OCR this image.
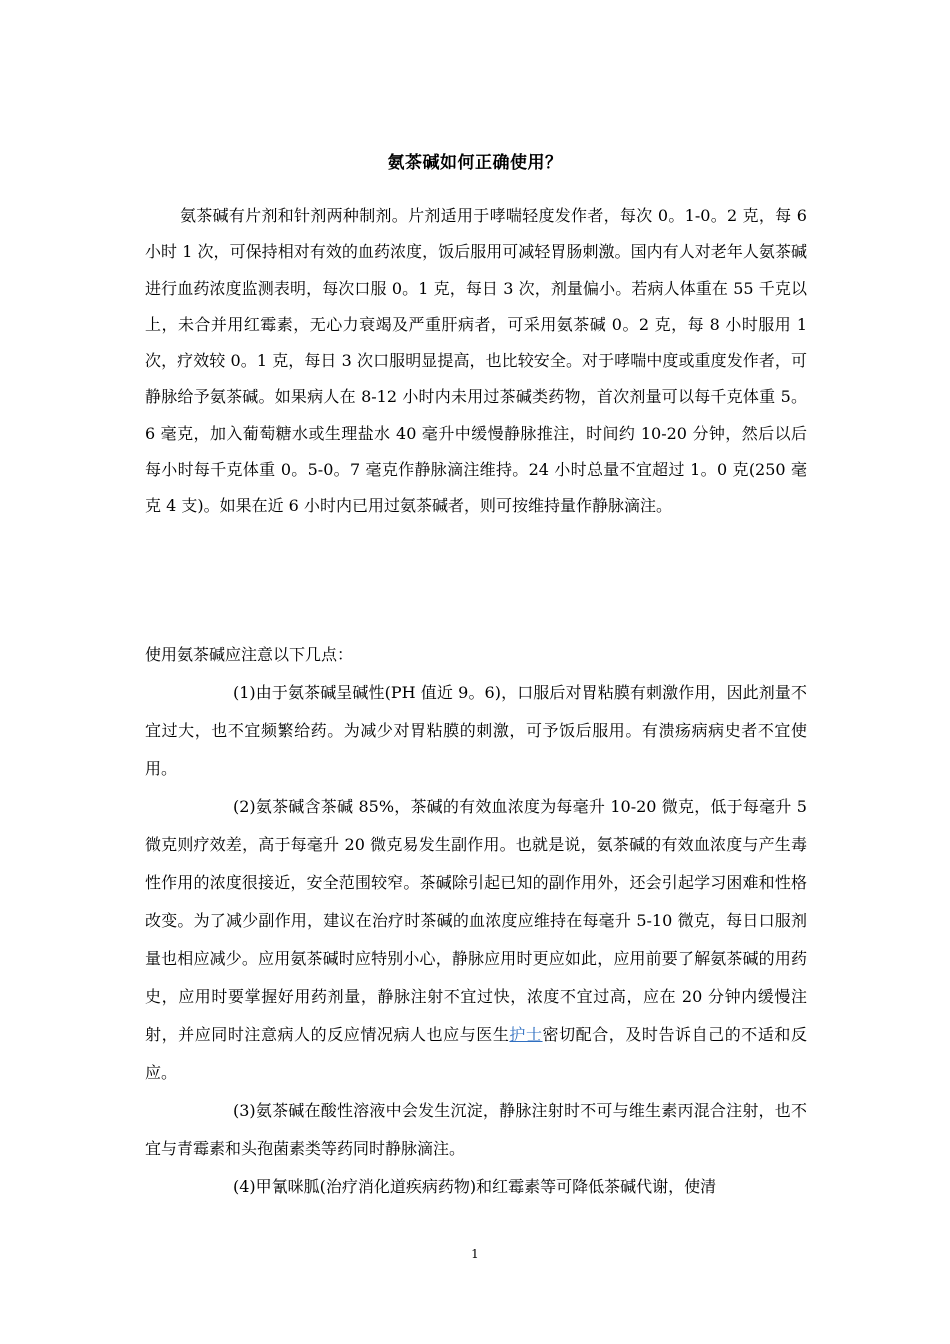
氨茶碱如何正确使用？

氨茶碱有片剂和针剂两种制剂。片剂适用于哮喘轻度发作者，每次 0。1-0。2 克，每 6 小时 1 次，可保持相对有效的血药浓度，饭后服用可减轻胃肠刺激。国内有人对老年人氨茶碱进行血药浓度监测表明，每次口服 0。1 克，每日 3 次，剂量偏小。若病人体重在 55 千克以上，未合并用红霉素，无心力衰竭及严重肝病者，可采用氨茶碱 0。2 克，每 8 小时服用 1 次，疗效较 0。1 克，每日 3 次口服明显提高，也比较安全。对于哮喘中度或重度发作者，可静脉给予氨茶碱。如果病人在 8-12 小时内未用过茶碱类药物，首次剂量可以每千克体重 5。6 毫克，加入葡萄糖水或生理盐水 40 毫升中缓慢静脉推注，时间约 10-20 分钟，然后以后每小时每千克体重 0。5-0。7 毫克作静脉滴注维持。24 小时总量不宜超过 1。0 克(250 毫克 4 支)。如果在近 6 小时内已用过氨茶碱者，则可按维持量作静脉滴注。

使用氨茶碱应注意以下几点：

(1)由于氨茶碱呈碱性(PH 值近 9。6)，口服后对胃粘膜有刺激作用，因此剂量不宜过大，也不宜频繁给药。为减少对胃粘膜的刺激，可予饭后服用。有溃疡病病史者不宜使用。

(2)氨茶碱含茶碱 85%，茶碱的有效血浓度为每毫升 10-20 微克，低于每毫升 5 微克则疗效差，高于每毫升 20 微克易发生副作用。也就是说，氨茶碱的有效血浓度与产生毒性作用的浓度很接近，安全范围较窄。茶碱除引起已知的副作用外，还会引起学习困难和性格改变。为了减少副作用，建议在治疗时茶碱的血浓度应维持在每毫升 5-10 微克，每日口服剂量也相应减少。应用氨茶碱时应特别小心，静脉应用时更应如此，应用前要了解氨茶碱的用药史，应用时要掌握好用药剂量，静脉注射不宜过快，浓度不宜过高，应在 20 分钟内缓慢注射，并应同时注意病人的反应情况病人也应与医生护士密切配合，及时告诉自己的不适和反应。

(3)氨茶碱在酸性溶液中会发生沉淀，静脉注射时不可与维生素丙混合注射，也不宜与青霉素和头孢菌素类等药同时静脉滴注。

(4)甲氰咪胍(治疗消化道疾病药物)和红霉素等可降低茶碱代谢，使清

1
